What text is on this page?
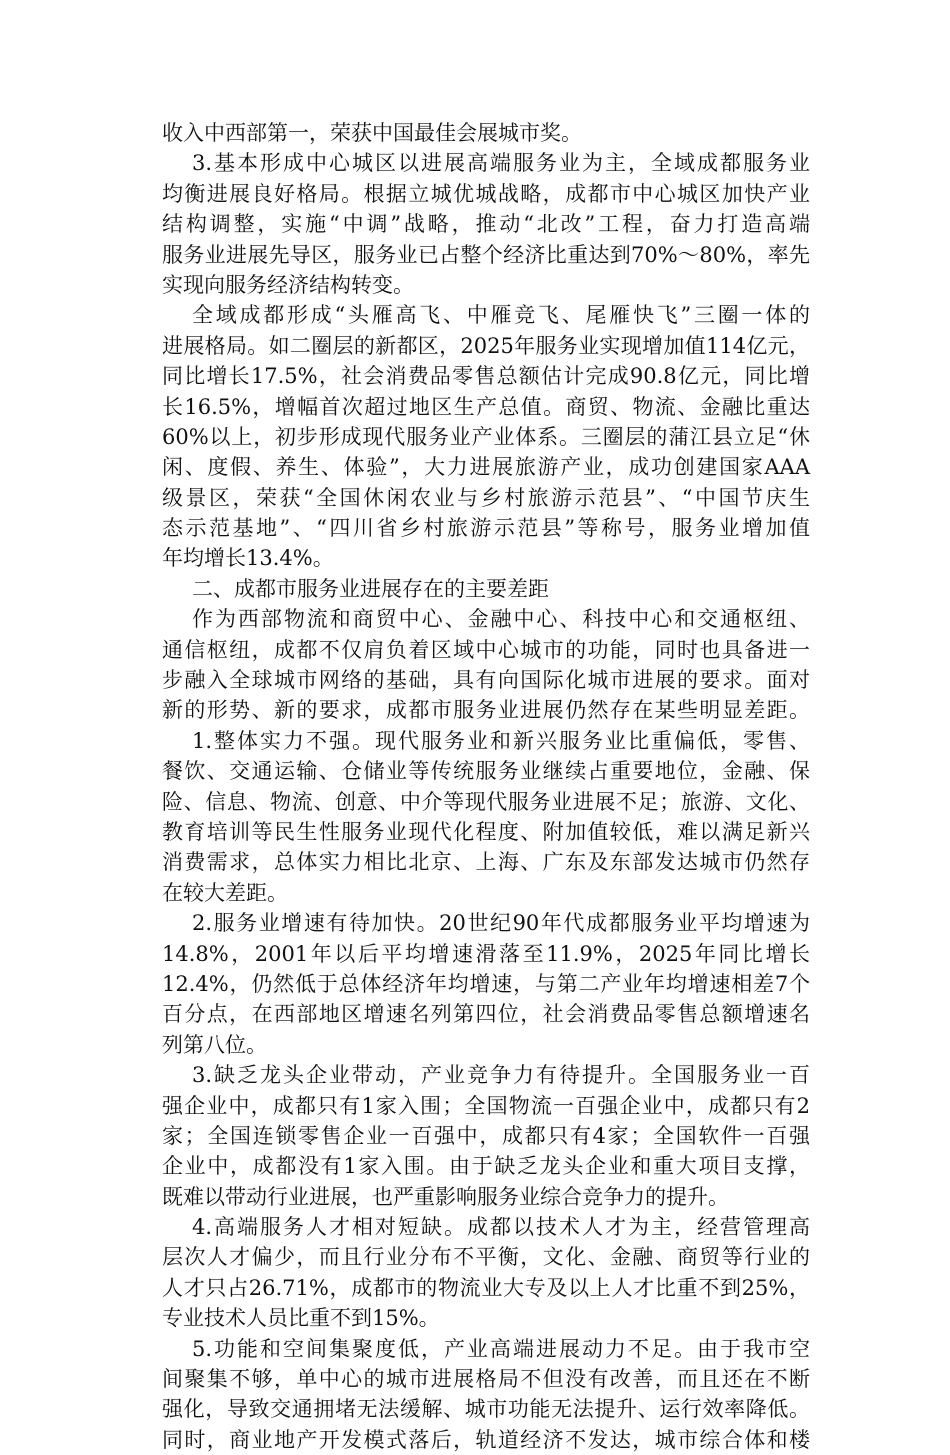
收入中西部第一，荣获中国最佳会展城市奖。
3.基本形成中心城区以进展高端服务业为主，全域成都服务业
均衡进展良好格局。根据立城优城战略，成都市中心城区加快产业
结构调整，实施“中调”战略，推动“北改”工程，奋力打造高端
服务业进展先导区，服务业已占整个经济比重达到70%～80%，率先
实现向服务经济结构转变。
全域成都形成“头雁高飞、中雁竞飞、尾雁快飞”三圈一体的
进展格局。如二圈层的新都区，2025年服务业实现增加值114亿元，
同比增长17.5%，社会消费品零售总额估计完成90.8亿元，同比增
长16.5%，增幅首次超过地区生产总值。商贸、物流、金融比重达
60%以上，初步形成现代服务业产业体系。三圈层的蒲江县立足“休
闲、度假、养生、体验”，大力进展旅游产业，成功创建国家AAA
级景区，荣获“全国休闲农业与乡村旅游示范县”、“中国节庆生
态示范基地”、“四川省乡村旅游示范县”等称号，服务业增加值
年均增长13.4%。
二、成都市服务业进展存在的主要差距
作为西部物流和商贸中心、金融中心、科技中心和交通枢纽、
通信枢纽，成都不仅肩负着区域中心城市的功能，同时也具备进一
步融入全球城市网络的基础，具有向国际化城市进展的要求。面对
新的形势、新的要求，成都市服务业进展仍然存在某些明显差距。
1.整体实力不强。现代服务业和新兴服务业比重偏低，零售、
餐饮、交通运输、仓储业等传统服务业继续占重要地位，金融、保
险、信息、物流、创意、中介等现代服务业进展不足；旅游、文化、
教育培训等民生性服务业现代化程度、附加值较低，难以满足新兴
消费需求，总体实力相比北京、上海、广东及东部发达城市仍然存
在较大差距。
2.服务业增速有待加快。20世纪90年代成都服务业平均增速为
14.8%，2001年以后平均增速滑落至11.9%，2025年同比增长
12.4%，仍然低于总体经济年均增速，与第二产业年均增速相差7个
百分点，在西部地区增速名列第四位，社会消费品零售总额增速名
列第八位。
3.缺乏龙头企业带动，产业竞争力有待提升。全国服务业一百
强企业中，成都只有1家入围；全国物流一百强企业中，成都只有2
家；全国连锁零售企业一百强中，成都只有4家；全国软件一百强
企业中，成都没有1家入围。由于缺乏龙头企业和重大项目支撑，
既难以带动行业进展，也严重影响服务业综合竞争力的提升。
4.高端服务人才相对短缺。成都以技术人才为主，经营管理高
层次人才偏少，而且行业分布不平衡，文化、金融、商贸等行业的
人才只占26.71%，成都市的物流业大专及以上人才比重不到25%，
专业技术人员比重不到15%。
5.功能和空间集聚度低，产业高端进展动力不足。由于我市空
间聚集不够，单中心的城市进展格局不但没有改善，而且还在不断
强化，导致交通拥堵无法缓解、城市功能无法提升、运行效率降低。
同时，商业地产开发模式落后，轨道经济不发达，城市综合体和楼
